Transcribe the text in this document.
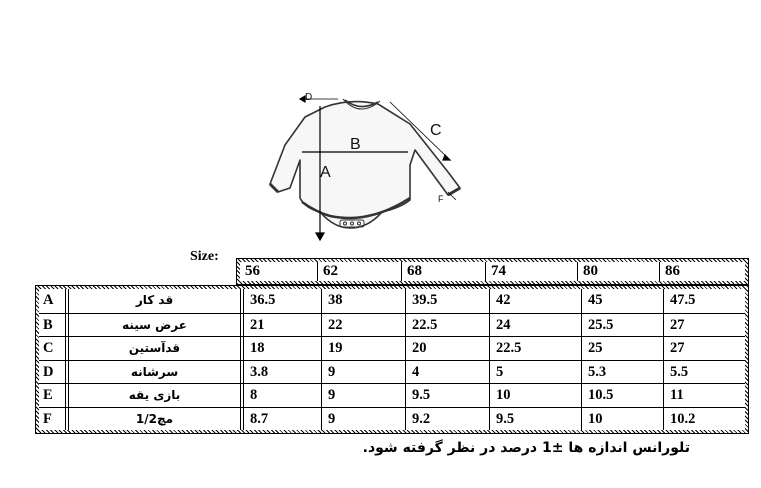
A
B
C
D
F
Size:
56	62	68	74	80	86
A	قد کار	36.5	38	39.5	42	45	47.5
B	عرض سینه	21	22	22.5	24	25.5	27
C	قدآستین	18	19	20	22.5	25	27
D	سرشانه	3.8	9	4	5	5.3	5.5
E	بازی یقه	8	9	9.5	10	10.5	11
F	مچ1/2	8.7	9	9.2	9.5	10	10.2
تلورانس اندازه ها ±1 درصد در نظر گرفته شود.
